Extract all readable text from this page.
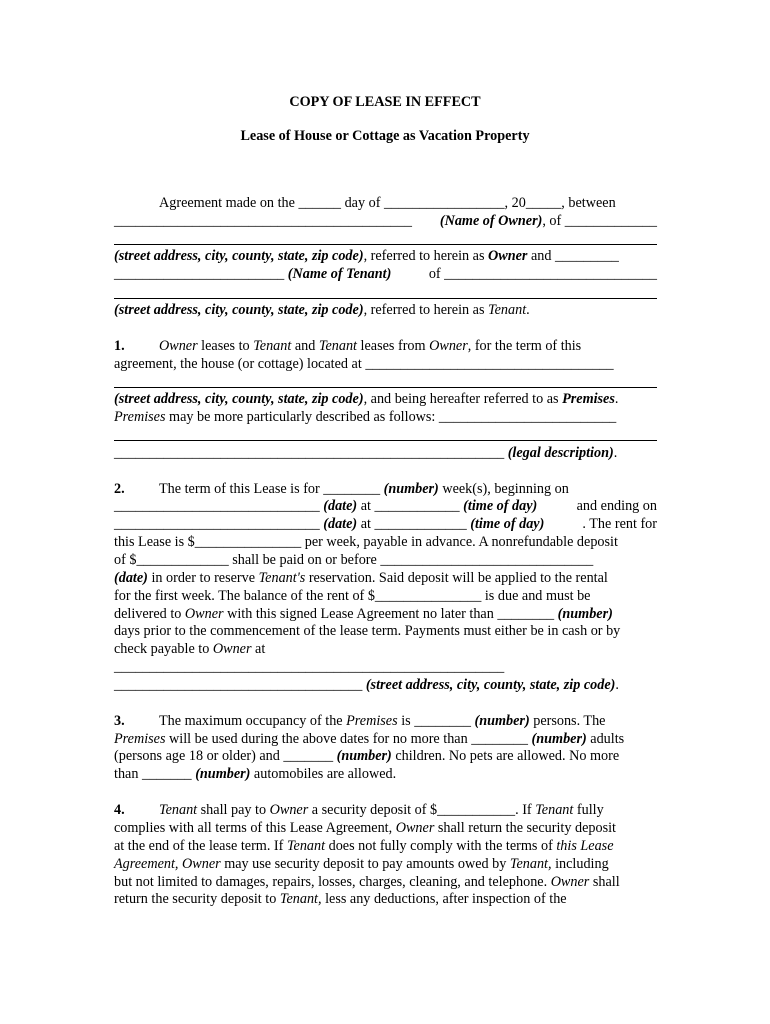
COPY OF LEASE IN EFFECT
Lease of House or Cottage as Vacation Property
Agreement made on the ______ day of _________________, 20_____, between
__________________________________________ (Name of Owner), of _____________
(street address, city, county, state, zip code), referred to herein as Owner and _________
________________________ (Name of Tenant)	of ______________________________
(street address, city, county, state, zip code), referred to herein as Tenant.
1. Owner leases to Tenant and Tenant leases from Owner, for the term of this
agreement, the house (or cottage) located at ___________________________________
(street address, city, county, state, zip code), and being hereafter referred to as Premises.
Premises may be more particularly described as follows: _________________________
_______________________________________________________ (legal description).
2. The term of this Lease is for ________ (number) week(s), beginning on
_____________________________ (date) at ____________ (time of day)	and ending on
_____________________________ (date) at _____________ (time of day)	. The rent for
this Lease is $_______________ per week, payable in advance. A nonrefundable deposit
of $_____________ shall be paid on or before ______________________________
(date) in order to reserve Tenant's reservation. Said deposit will be applied to the rental
for the first week. The balance of the rent of $_______________ is due and must be
delivered to Owner with this signed Lease Agreement no later than ________ (number)
days prior to the commencement of the lease term. Payments must either be in cash or by
check payable to Owner at
_______________________________________________________
___________________________________ (street address, city, county, state, zip code).
3. The maximum occupancy of the Premises is ________ (number) persons. The
Premises will be used during the above dates for no more than ________ (number) adults
(persons age 18 or older) and _______ (number) children. No pets are allowed. No more
than _______ (number) automobiles are allowed.
4. Tenant shall pay to Owner a security deposit of $___________. If Tenant fully
complies with all terms of this Lease Agreement, Owner shall return the security deposit
at the end of the lease term. If Tenant does not fully comply with the terms of this Lease
Agreement, Owner may use security deposit to pay amounts owed by Tenant, including
but not limited to damages, repairs, losses, charges, cleaning, and telephone. Owner shall
return the security deposit to Tenant, less any deductions, after inspection of the
